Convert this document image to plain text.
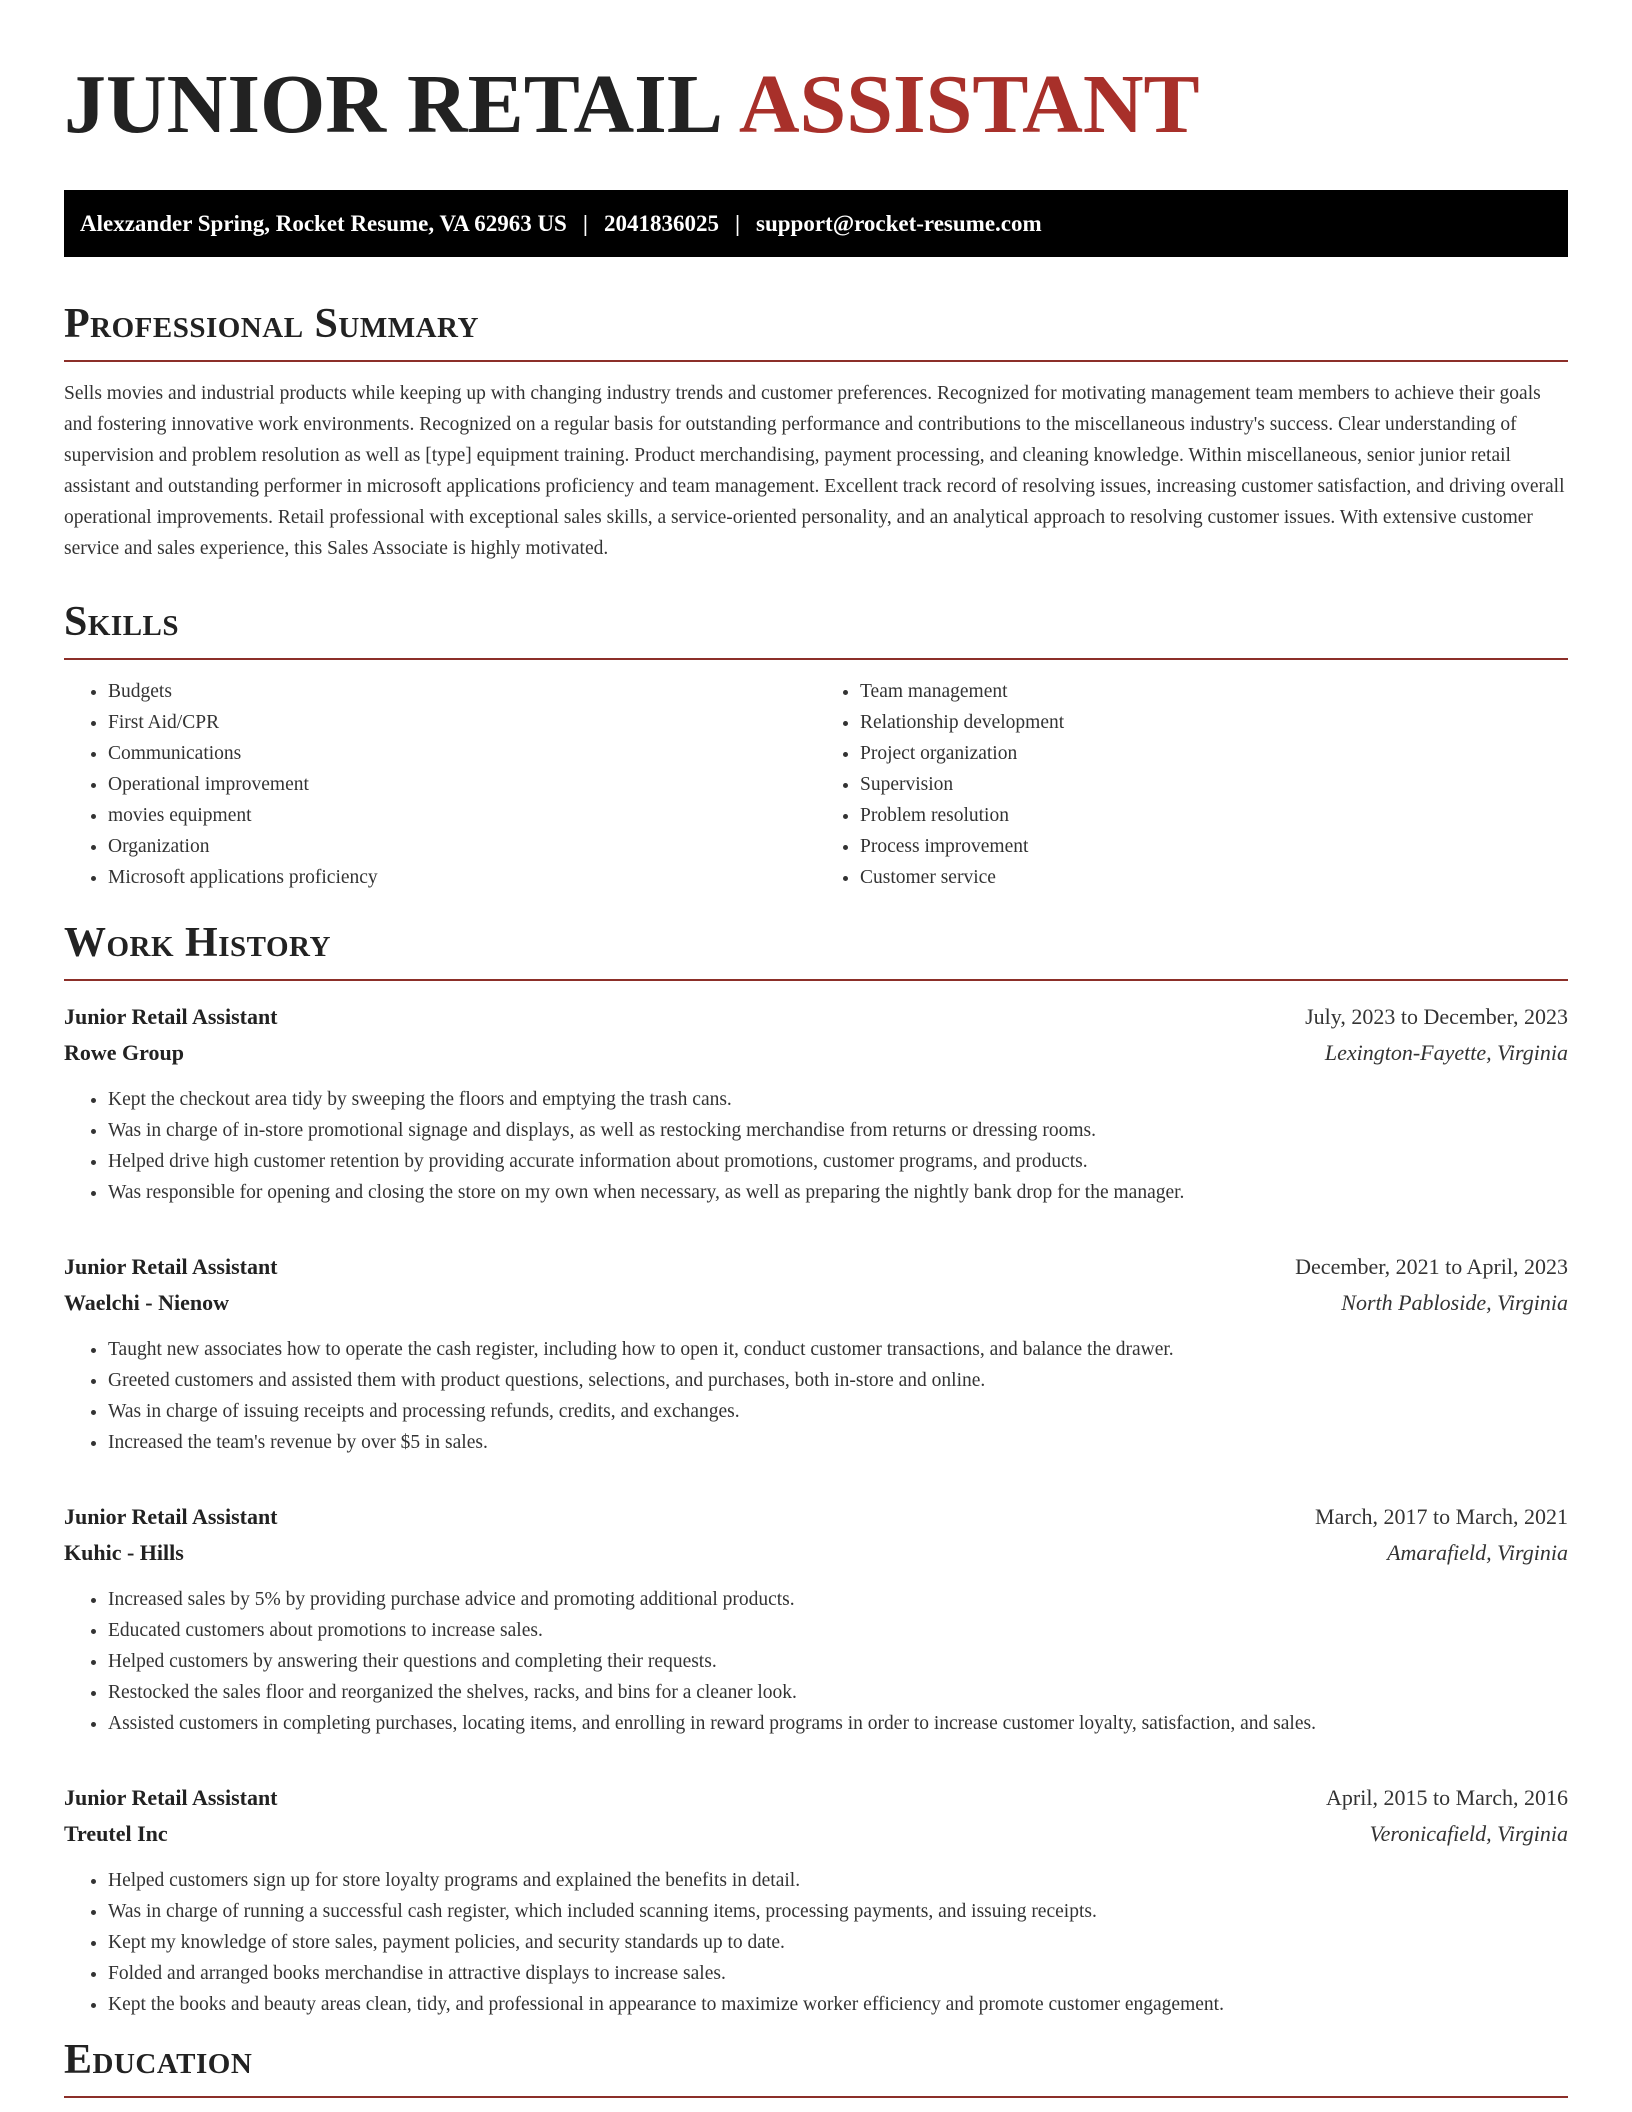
JUNIOR RETAIL ASSISTANT
Alexzander Spring, Rocket Resume, VA 62963 US | 2041836025 | support@rocket-resume.com
Professional Summary

Sells movies and industrial products while keeping up with changing industry trends and customer preferences. Recognized for motivating management team members to achieve their goals and fostering innovative work environments. Recognized on a regular basis for outstanding performance and contributions to the miscellaneous industry's success. Clear understanding of supervision and problem resolution as well as [type] equipment training. Product merchandising, payment processing, and cleaning knowledge. Within miscellaneous, senior junior retail assistant and outstanding performer in microsoft applications proficiency and team management. Excellent track record of resolving issues, increasing customer satisfaction, and driving overall operational improvements. Retail professional with exceptional sales skills, a service-oriented personality, and an analytical approach to resolving customer issues. With extensive customer service and sales experience, this Sales Associate is highly motivated.

Skills
• Budgets
• First Aid/CPR
• Communications
• Operational improvement
• movies equipment
• Organization
• Microsoft applications proficiency
• Team management
• Relationship development
• Project organization
• Supervision
• Problem resolution
• Process improvement
• Customer service
Work History
Junior Retail Assistant	July, 2023 to December, 2023
Rowe Group	Lexington-Fayette, Virginia
• Kept the checkout area tidy by sweeping the floors and emptying the trash cans.
• Was in charge of in-store promotional signage and displays, as well as restocking merchandise from returns or dressing rooms.
• Helped drive high customer retention by providing accurate information about promotions, customer programs, and products.
• Was responsible for opening and closing the store on my own when necessary, as well as preparing the nightly bank drop for the manager.
Junior Retail Assistant	December, 2021 to April, 2023
Waelchi - Nienow	North Pabloside, Virginia
• Taught new associates how to operate the cash register, including how to open it, conduct customer transactions, and balance the drawer.
• Greeted customers and assisted them with product questions, selections, and purchases, both in-store and online.
• Was in charge of issuing receipts and processing refunds, credits, and exchanges.
• Increased the team's revenue by over $5 in sales.
Junior Retail Assistant	March, 2017 to March, 2021
Kuhic - Hills	Amarafield, Virginia
• Increased sales by 5% by providing purchase advice and promoting additional products.
• Educated customers about promotions to increase sales.
• Helped customers by answering their questions and completing their requests.
• Restocked the sales floor and reorganized the shelves, racks, and bins for a cleaner look.
• Assisted customers in completing purchases, locating items, and enrolling in reward programs in order to increase customer loyalty, satisfaction, and sales.
Junior Retail Assistant	April, 2015 to March, 2016
Treutel Inc	Veronicafield, Virginia
• Helped customers sign up for store loyalty programs and explained the benefits in detail.
• Was in charge of running a successful cash register, which included scanning items, processing payments, and issuing receipts.
• Kept my knowledge of store sales, payment policies, and security standards up to date.
• Folded and arranged books merchandise in attractive displays to increase sales.
• Kept the books and beauty areas clean, tidy, and professional in appearance to maximize worker efficiency and promote customer engagement.
Education
